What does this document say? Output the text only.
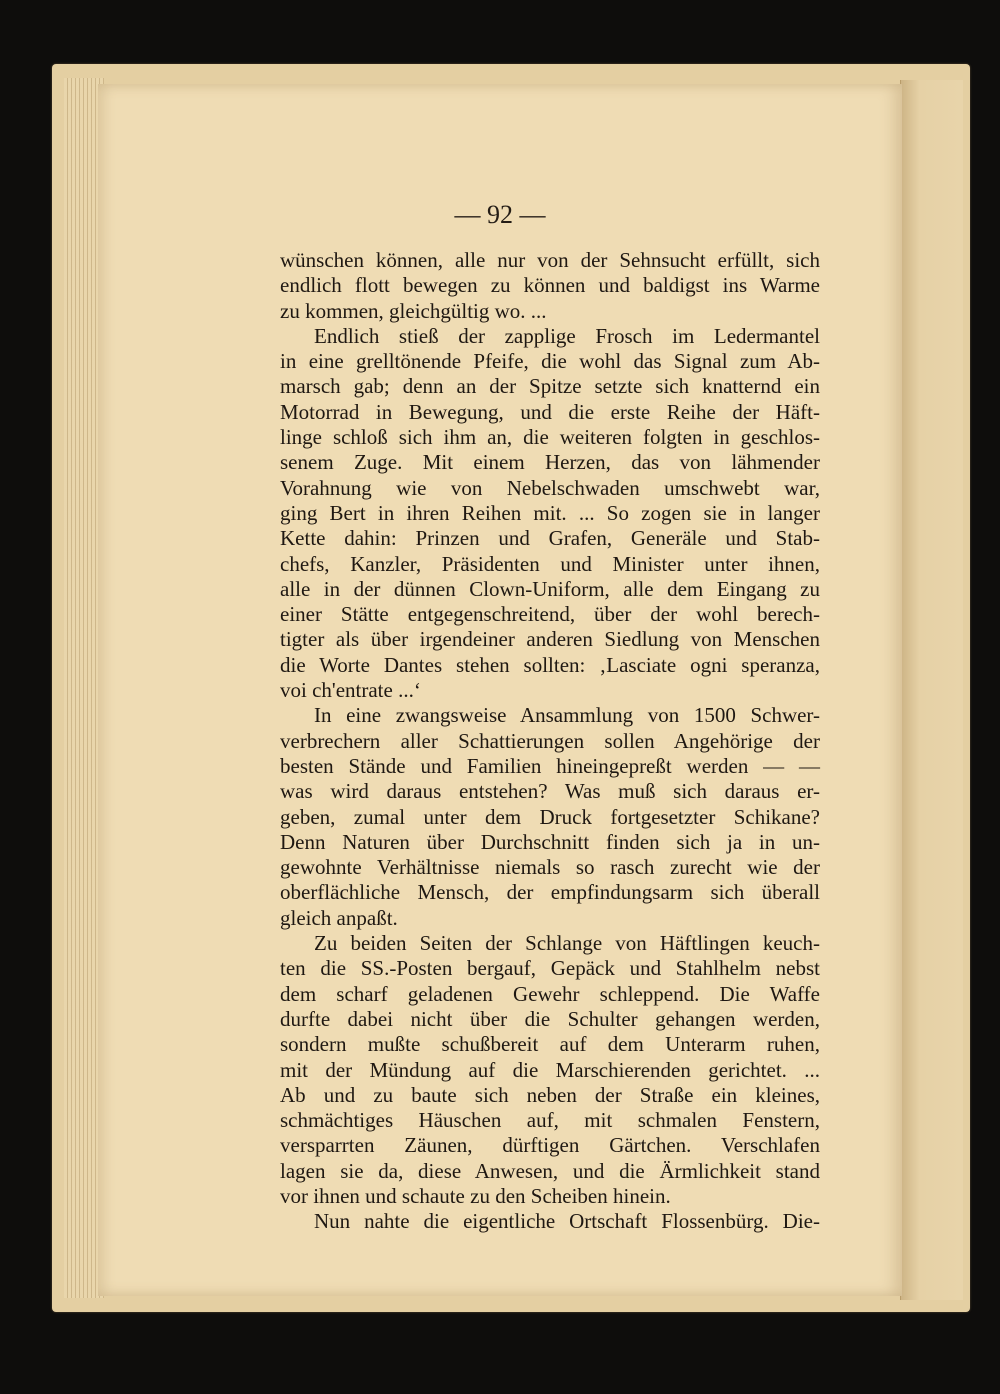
— 92 —
wünschen können, alle nur von der Sehnsucht erfüllt, sich
endlich flott bewegen zu können und baldigst ins Warme
zu kommen, gleichgültig wo. ...
Endlich stieß der zapplige Frosch im Ledermantel
in eine grelltönende Pfeife, die wohl das Signal zum Ab-
marsch gab; denn an der Spitze setzte sich knatternd ein
Motorrad in Bewegung, und die erste Reihe der Häft-
linge schloß sich ihm an, die weiteren folgten in geschlos-
senem Zuge. Mit einem Herzen, das von lähmender
Vorahnung wie von Nebelschwaden umschwebt war,
ging Bert in ihren Reihen mit. ... So zogen sie in langer
Kette dahin: Prinzen und Grafen, Generäle und Stab-
chefs, Kanzler, Präsidenten und Minister unter ihnen,
alle in der dünnen Clown-Uniform, alle dem Eingang zu
einer Stätte entgegenschreitend, über der wohl berech-
tigter als über irgendeiner anderen Siedlung von Menschen
die Worte Dantes stehen sollten: ‚Lasciate ogni speranza,
voi ch'entrate ...‘
In eine zwangsweise Ansammlung von 1500 Schwer-
verbrechern aller Schattierungen sollen Angehörige der
besten Stände und Familien hineingepreßt werden — —
was wird daraus entstehen? Was muß sich daraus er-
geben, zumal unter dem Druck fortgesetzter Schikane?
Denn Naturen über Durchschnitt finden sich ja in un-
gewohnte Verhältnisse niemals so rasch zurecht wie der
oberflächliche Mensch, der empfindungsarm sich überall
gleich anpaßt.
Zu beiden Seiten der Schlange von Häftlingen keuch-
ten die SS.-Posten bergauf, Gepäck und Stahlhelm nebst
dem scharf geladenen Gewehr schleppend. Die Waffe
durfte dabei nicht über die Schulter gehangen werden,
sondern mußte schußbereit auf dem Unterarm ruhen,
mit der Mündung auf die Marschierenden gerichtet. ...
Ab und zu baute sich neben der Straße ein kleines,
schmächtiges Häuschen auf, mit schmalen Fenstern,
versparrten Zäunen, dürftigen Gärtchen. Verschlafen
lagen sie da, diese Anwesen, und die Ärmlichkeit stand
vor ihnen und schaute zu den Scheiben hinein.
Nun nahte die eigentliche Ortschaft Flossenbürg. Die-
